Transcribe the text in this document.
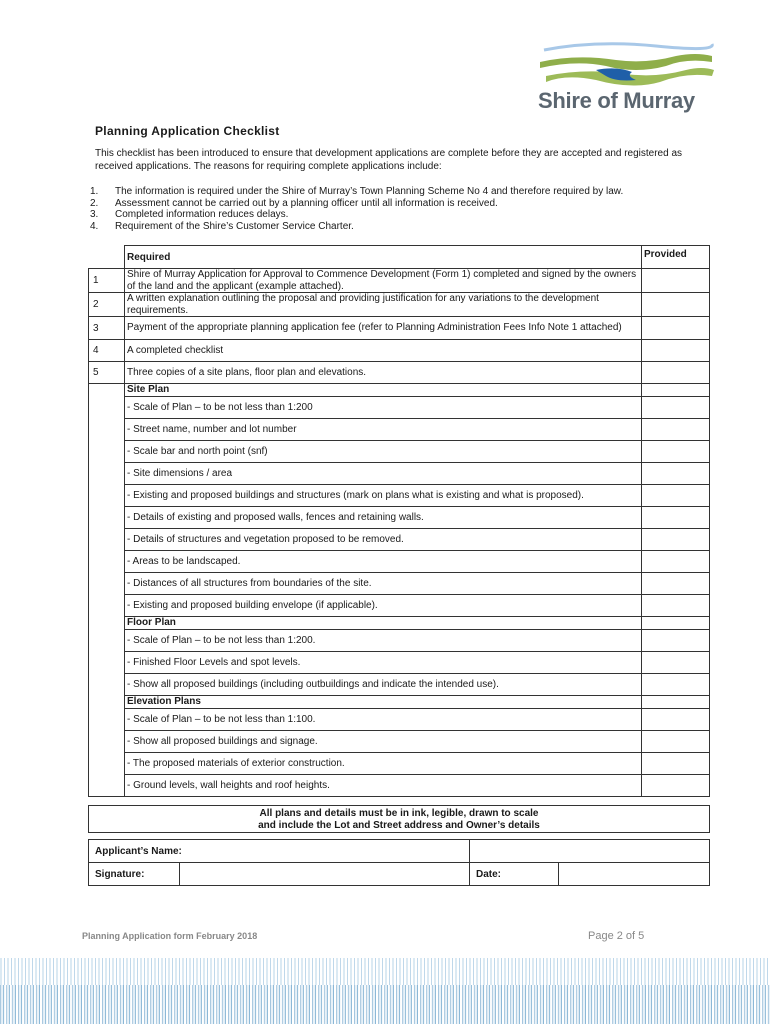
Shire of Murray
Planning Application Checklist
This checklist has been introduced to ensure that development applications are complete before they are accepted and registered as received applications. The reasons for requiring complete applications include:
1. The information is required under the Shire of Murray’s Town Planning Scheme No 4 and therefore required by law.
2. Assessment cannot be carried out by a planning officer until all information is received.
3. Completed information reduces delays.
4. Requirement of the Shire’s Customer Service Charter.
	Required	Provided
1	Shire of Murray Application for Approval to Commence Development (Form 1) completed and signed by the owners of the land and the applicant (example attached).	
2	A written explanation outlining the proposal and providing justification for any variations to the development requirements.	
3	Payment of the appropriate planning application fee (refer to Planning Administration Fees Info Note 1 attached)	
4	A completed checklist	
5	Three copies of a site plans, floor plan and elevations.	
	Site Plan	
	- Scale of Plan – to be not less than 1:200	
	- Street name, number and lot number	
	- Scale bar and north point (snf)	
	- Site dimensions / area	
	- Existing and proposed buildings and structures (mark on plans what is existing and what is proposed).	
	- Details of existing and proposed walls, fences and retaining walls.	
	- Details of structures and vegetation proposed to be removed.	
	- Areas to be landscaped.	
	- Distances of all structures from boundaries of the site.	
	- Existing and proposed building envelope (if applicable).	
	Floor Plan	
	- Scale of Plan – to be not less than 1:200.	
	- Finished Floor Levels and spot levels.	
	- Show all proposed buildings (including outbuildings and indicate the intended use).	
	Elevation Plans	
	- Scale of Plan – to be not less than 1:100.	
	- Show all proposed buildings and signage.	
	- The proposed materials of exterior construction.	
	- Ground levels, wall heights and roof heights.	
All plans and details must be in ink, legible, drawn to scale
and include the Lot and Street address and Owner’s details
Applicant’s Name:			
Signature:		Date:	
Planning Application form February 2018	Page 2 of 5
